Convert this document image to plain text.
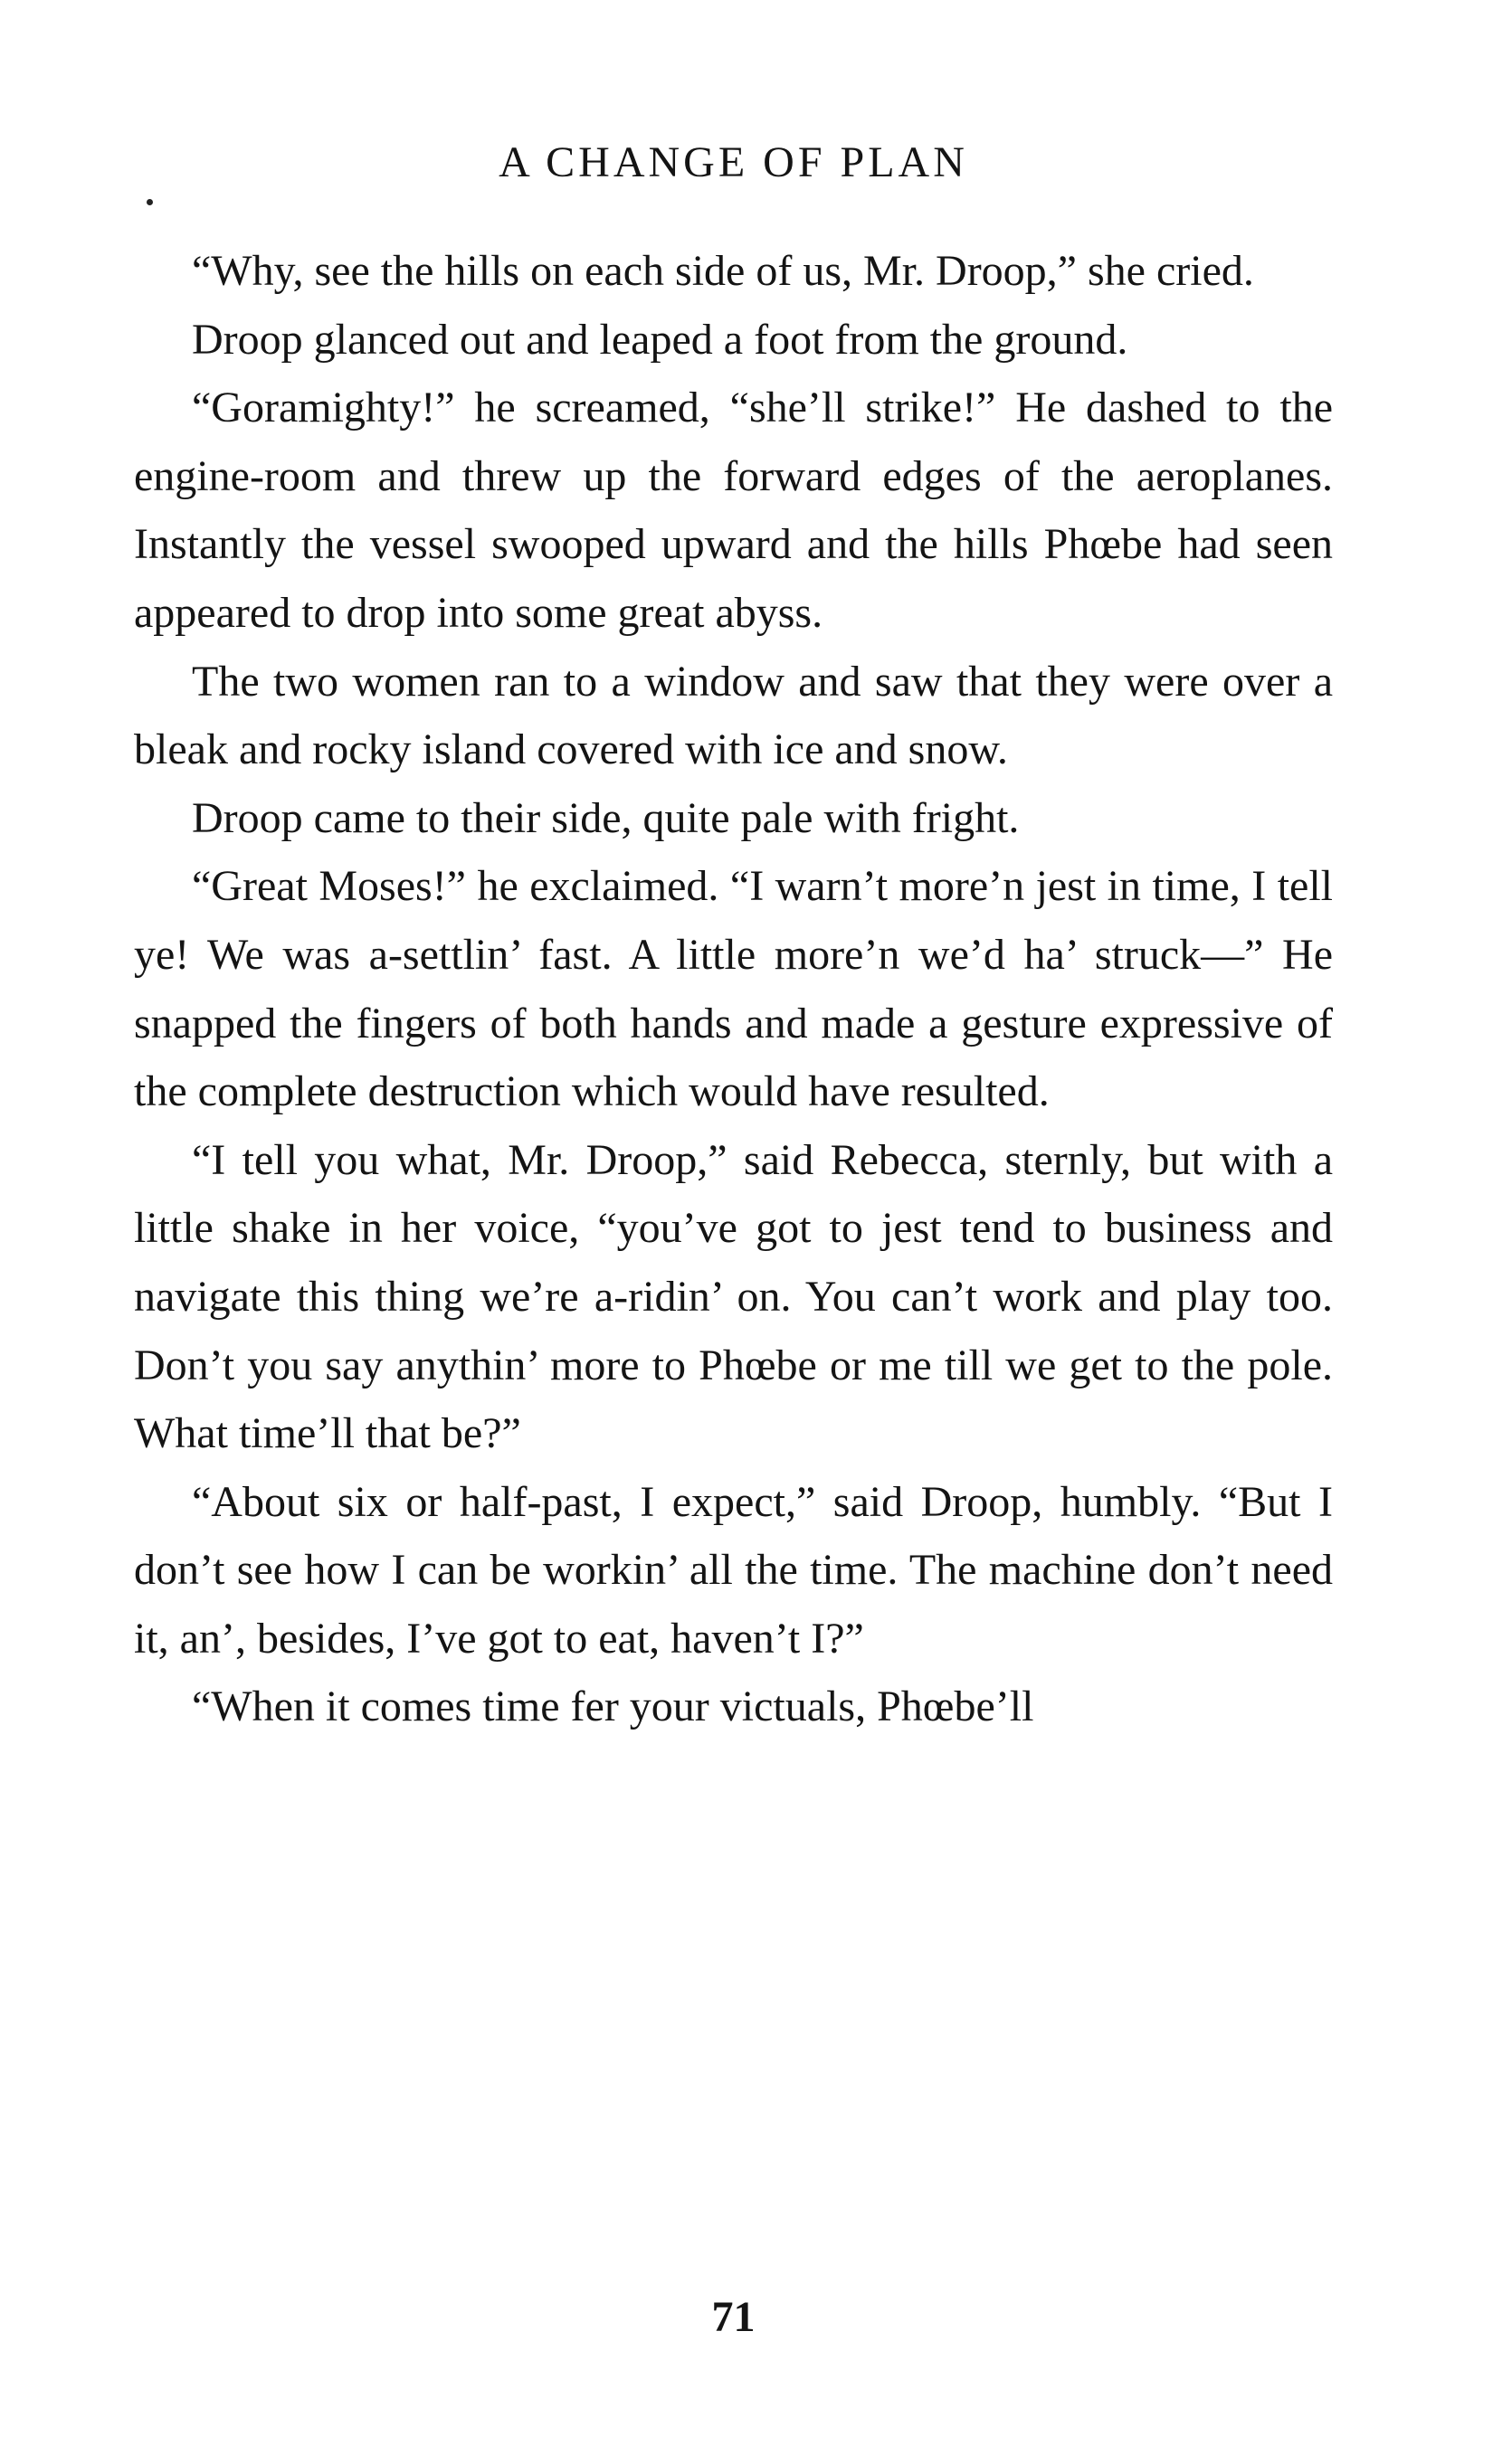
A CHANGE OF PLAN

“Why, see the hills on each side of us, Mr. Droop,” she cried.

Droop glanced out and leaped a foot from the ground.

“Goramighty!” he screamed, “she’ll strike!” He dashed to the engine-room and threw up the forward edges of the aeroplanes. Instantly the vessel swooped upward and the hills Phœbe had seen appeared to drop into some great abyss.

The two women ran to a window and saw that they were over a bleak and rocky island covered with ice and snow.

Droop came to their side, quite pale with fright.

“Great Moses!” he exclaimed. “I warn’t more’n jest in time, I tell ye! We was a-settlin’ fast. A little more’n we’d ha’ struck—” He snapped the fingers of both hands and made a gesture expressive of the complete destruction which would have resulted.

“I tell you what, Mr. Droop,” said Rebecca, sternly, but with a little shake in her voice, “you’ve got to jest tend to business and navigate this thing we’re a-ridin’ on. You can’t work and play too. Don’t you say anythin’ more to Phœbe or me till we get to the pole. What time’ll that be?”

“About six or half-past, I expect,” said Droop, humbly. “But I don’t see how I can be workin’ all the time. The machine don’t need it, an’, besides, I’ve got to eat, haven’t I?”

“When it comes time fer your victuals, Phœbe’ll

71
